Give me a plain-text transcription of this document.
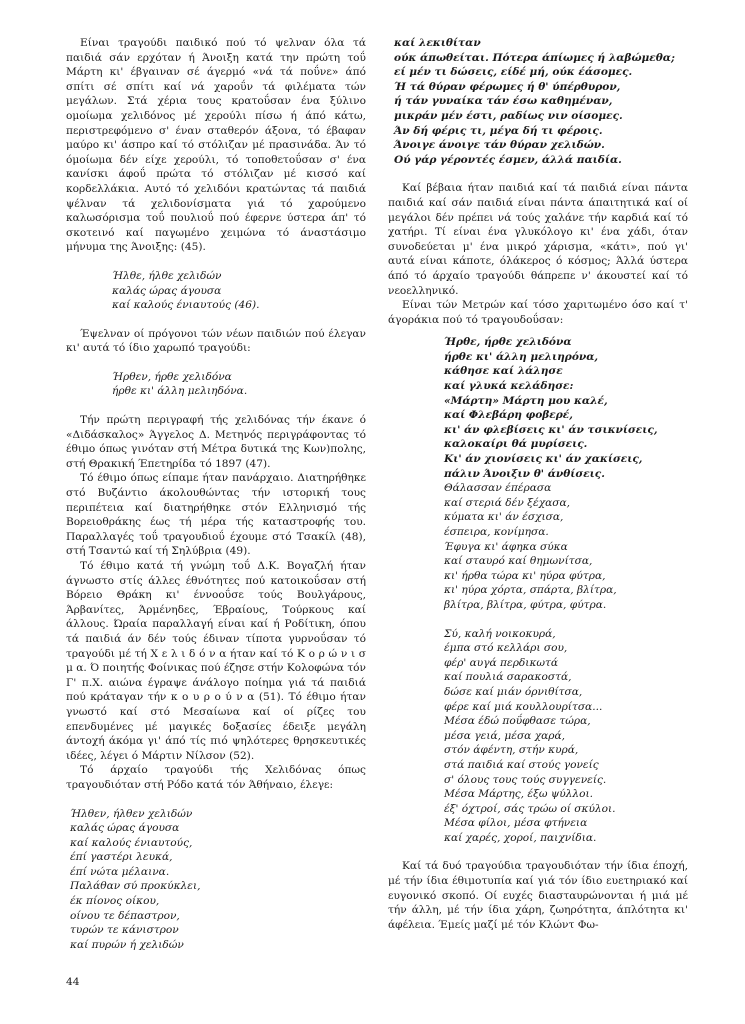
Είναι τραγούδι παιδικό πού τό ψελναν όλα τά παιδιά σάν ερχόταν ή Άνοιξη κατά την πρώτη τοΰ Μάρτη κι' έβγαιναν σέ άγερμό «νά τά ποΰνε» άπό σπίτι σέ σπίτι καί νά χαροΰν τά φιλέματα τών μεγάλων. Στά χέρια τους κρατοΰσαν ένα ξύλινο ομοίωμα χελιδόνος μέ χερούλι πίσω ή άπό κάτω, περιστρεφόμενο σ' έναν σταθερόν άξονα, τό έβαφαν μαύρο κι' άσπρο καί τό στόλιζαν μέ πρασινάδα. Άν τό όμοίωμα δέν είχε χερούλι, τό τοποθετοΰσαν σ' ένα κανίσκι άφοΰ πρώτα τό στόλιζαν μέ κισσό καί κορδελλάκια. Αυτό τό χελιδόνι κρατώντας τά παιδιά ψέλναν τά χελιδονίσματα γιά τό χαρούμενο καλωσόρισμα τοΰ πουλιοΰ πού έφερνε ύστερα άπ' τό σκοτεινό καί παγωμένο χειμώνα τό άναστάσιμο μήνυμα της Άνοιξης: (45).

Ήλθε, ήλθε χελιδών
καλάς ώρας άγουσα
καί καλούς ένιαυτούς (46).

Έψελναν οί πρόγονοι τών νέων παιδιών πού έλεγαν κι' αυτά τό ίδιο χαρωπό τραγούδι:

Ήρθεν, ήρθε χελιδόνα
ήρθε κι' άλλη μελιηδόνα.

Τήν πρώτη περιγραφή τής χελιδόνας τήν έκανε ό «Διδάσκαλος» Άγγελος Δ. Μετηνός περιγράφοντας τό έθιμο όπως γινόταν στή Μέτρα δυτικά της Κων)πολης, στή Θρακική Έπετηρίδα τό 1897 (47).

Τό έθιμο όπως είπαμε ήταν πανάρχαιο. Διατηρήθηκε στό Βυζάντιο άκολουθώντας τήν ιστορική τους περιπέτεια καί διατηρήθηκε στόν Ελληνισμό τής Βορειοθράκης έως τή μέρα τής καταστροφής του. Παραλλαγές τοΰ τραγουδιοΰ έχουμε στό Τσακίλ (48), στή Τσαντώ καί τή Σηλύβρια (49).

Τό έθιμο κατά τή γνώμη τοΰ Δ.Κ. Βογαζλή ήταν άγνωστο στίς άλλες έθνότητες πού κατοικοΰσαν στή Βόρειο Θράκη κι' έννοοΰσε τούς Βουλγάρους, Άρβανίτες, Άρμένηδες, Έβραίους, Τούρκους καί άλλους. Ώραία παραλλαγή είναι καί ή Ροδίτικη, όπου τά παιδιά άν δέν τούς έδιναν τίποτα γυρνοΰσαν τό τραγούδι μέ τή Χ ε λ ι δ ό ν α ήταν καί τό Κ ο ρ ώ ν ι σ μ α. Ό ποιητής Φοίνικας πού έζησε στήν Κολοφώνα τόν Γ' π.Χ. αιώνα έγραψε άνάλογο ποίημα γιά τά παιδιά πού κράταγαν τήν κ ο υ ρ ο ύ ν α (51). Τό έθιμο ήταν γνωστό καί στό Μεσαίωνα καί οί ρίζες του επενδυμένες μέ μαγικές δοξασίες έδειξε μεγάλη άντοχή άκόμα γι' άπό τίς πιό ψηλότερες θρησκευτικές ιδέες, λέγει ό Μάρτιν Νίλσον (52).

Τό άρχαίο τραγούδι τής Χελιδόνας όπως τραγουδιόταν στή Ρόδο κατά τόν Άθήναιο, έλεγε:

Ήλθεν, ήλθεν χελιδών
καλάς ώρας άγουσα
καί καλούς ένιαυτούς,
έπί γαστέρι λευκά,
έπί νώτα μέλαινα.
Παλάθαν σύ προκύκλει,
έκ πίονος οίκου,
οίνου τε δέπαστρον,
τυρών τε κάνιστρον
καί πυρών ή χελιδών
καί λεκιθίταν
ούκ άπωθείται. Πότερα άπίωμες ή λαβώμεθα;
εί μέν τι δώσεις, είδέ μή, ούκ έάσομες.
Ή τά θύραν φέρωμες ή θ' ύπέρθυρον,
ή τάν γυναίκα τάν έσω καθημέναν,
μικράν μέν έστι, ραδίως νιν οίσομες.
Άν δή φέρις τι, μέγα δή τι φέροις.
Άνοιγε άνοιγε τάν θύραν χελιδών.
Ού γάρ γέροντές έσμεν, άλλά παιδία.

Καί βέβαια ήταν παιδιά καί τά παιδιά είναι πάντα παιδιά καί σάν παιδιά είναι πάντα άπαιτητικά καί οί μεγάλοι δέν πρέπει νά τούς χαλάνε τήν καρδιά καί τό χατήρι. Τί είναι ένα γλυκόλογο κι' ένα χάδι, όταν συνοδεύεται μ' ένα μικρό χάρισμα, «κάτι», πού γι' αυτά είναι κάποτε, όλάκερος ό κόσμος; Άλλά ύστερα άπό τό άρχαίο τραγούδι θάπρεπε ν' άκουστεί καί τό νεοελληνικό.

Είναι τών Μετρών καί τόσο χαριτωμένο όσο καί τ' άγοράκια πού τό τραγουδοΰσαν:

Ήρθε, ήρθε χελιδόνα
ήρθε κι' άλλη μελιηρόνα,
κάθησε καί λάλησε
καί γλυκά κελάδησε:
«Μάρτη» Μάρτη μου καλέ,
καί Φλεβάρη φοβερέ,
κι' άν φλεβίσεις κι' άν τσικνίσεις,
καλοκαίρι θά μυρίσεις.
Κι' άν χιονίσεις κι' άν χακίσεις,
πάλιν Άνοιξιν θ' άνθίσεις.
Θάλασσαν έπέρασα
καί στεριά δέν ξέχασα,
κύματα κι' άν έσχισα,
έσπειρα, κονίμησα.
Έφυγα κι' άφηκα σύκα
καί σταυρό καί θημωνίτσα,
κι' ήρθα τώρα κι' ηύρα φύτρα,
κι' ηύρα χόρτα, σπάρτα, βλίτρα,
βλίτρα, βλίτρα, φύτρα, φύτρα.
Σύ, καλή νοικοκυρά,
έμπα στό κελλάρι σου,
φέρ' αυγά περδικωτά
καί πουλιά σαρακοστά,
δώσε καί μιάν όρνιθίτσα,
φέρε καί μιά κουλλουρίτσα...
Μέσα έδώ ποΰφθασε τώρα,
μέσα γειά, μέσα χαρά,
στόν άφέντη, στήν κυρά,
στά παιδιά καί στούς γονείς
σ' όλους τους τούς συγγενείς.
Μέσα Μάρτης, έξω ψύλλοι.
έξ' όχτροί, σάς τρώω οί σκύλοι.
Μέσα φίλοι, μέσα φτήνεια
καί χαρές, χοροί, παιχνίδια.

Καί τά δυό τραγούδια τραγουδιόταν τήν ίδια έποχή, μέ τήν ίδια έθιμοτυπία καί γιά τόν ίδιο ευετηριακό καί ευγονικό σκοπό. Οί ευχές διασταυρώνονται ή μιά μέ τήν άλλη, μέ τήν ίδια χάρη, ζωηρότητα, άπλότητα κι' άφέλεια. Έμείς μαζί μέ τόν Κλώντ Φω-

44
